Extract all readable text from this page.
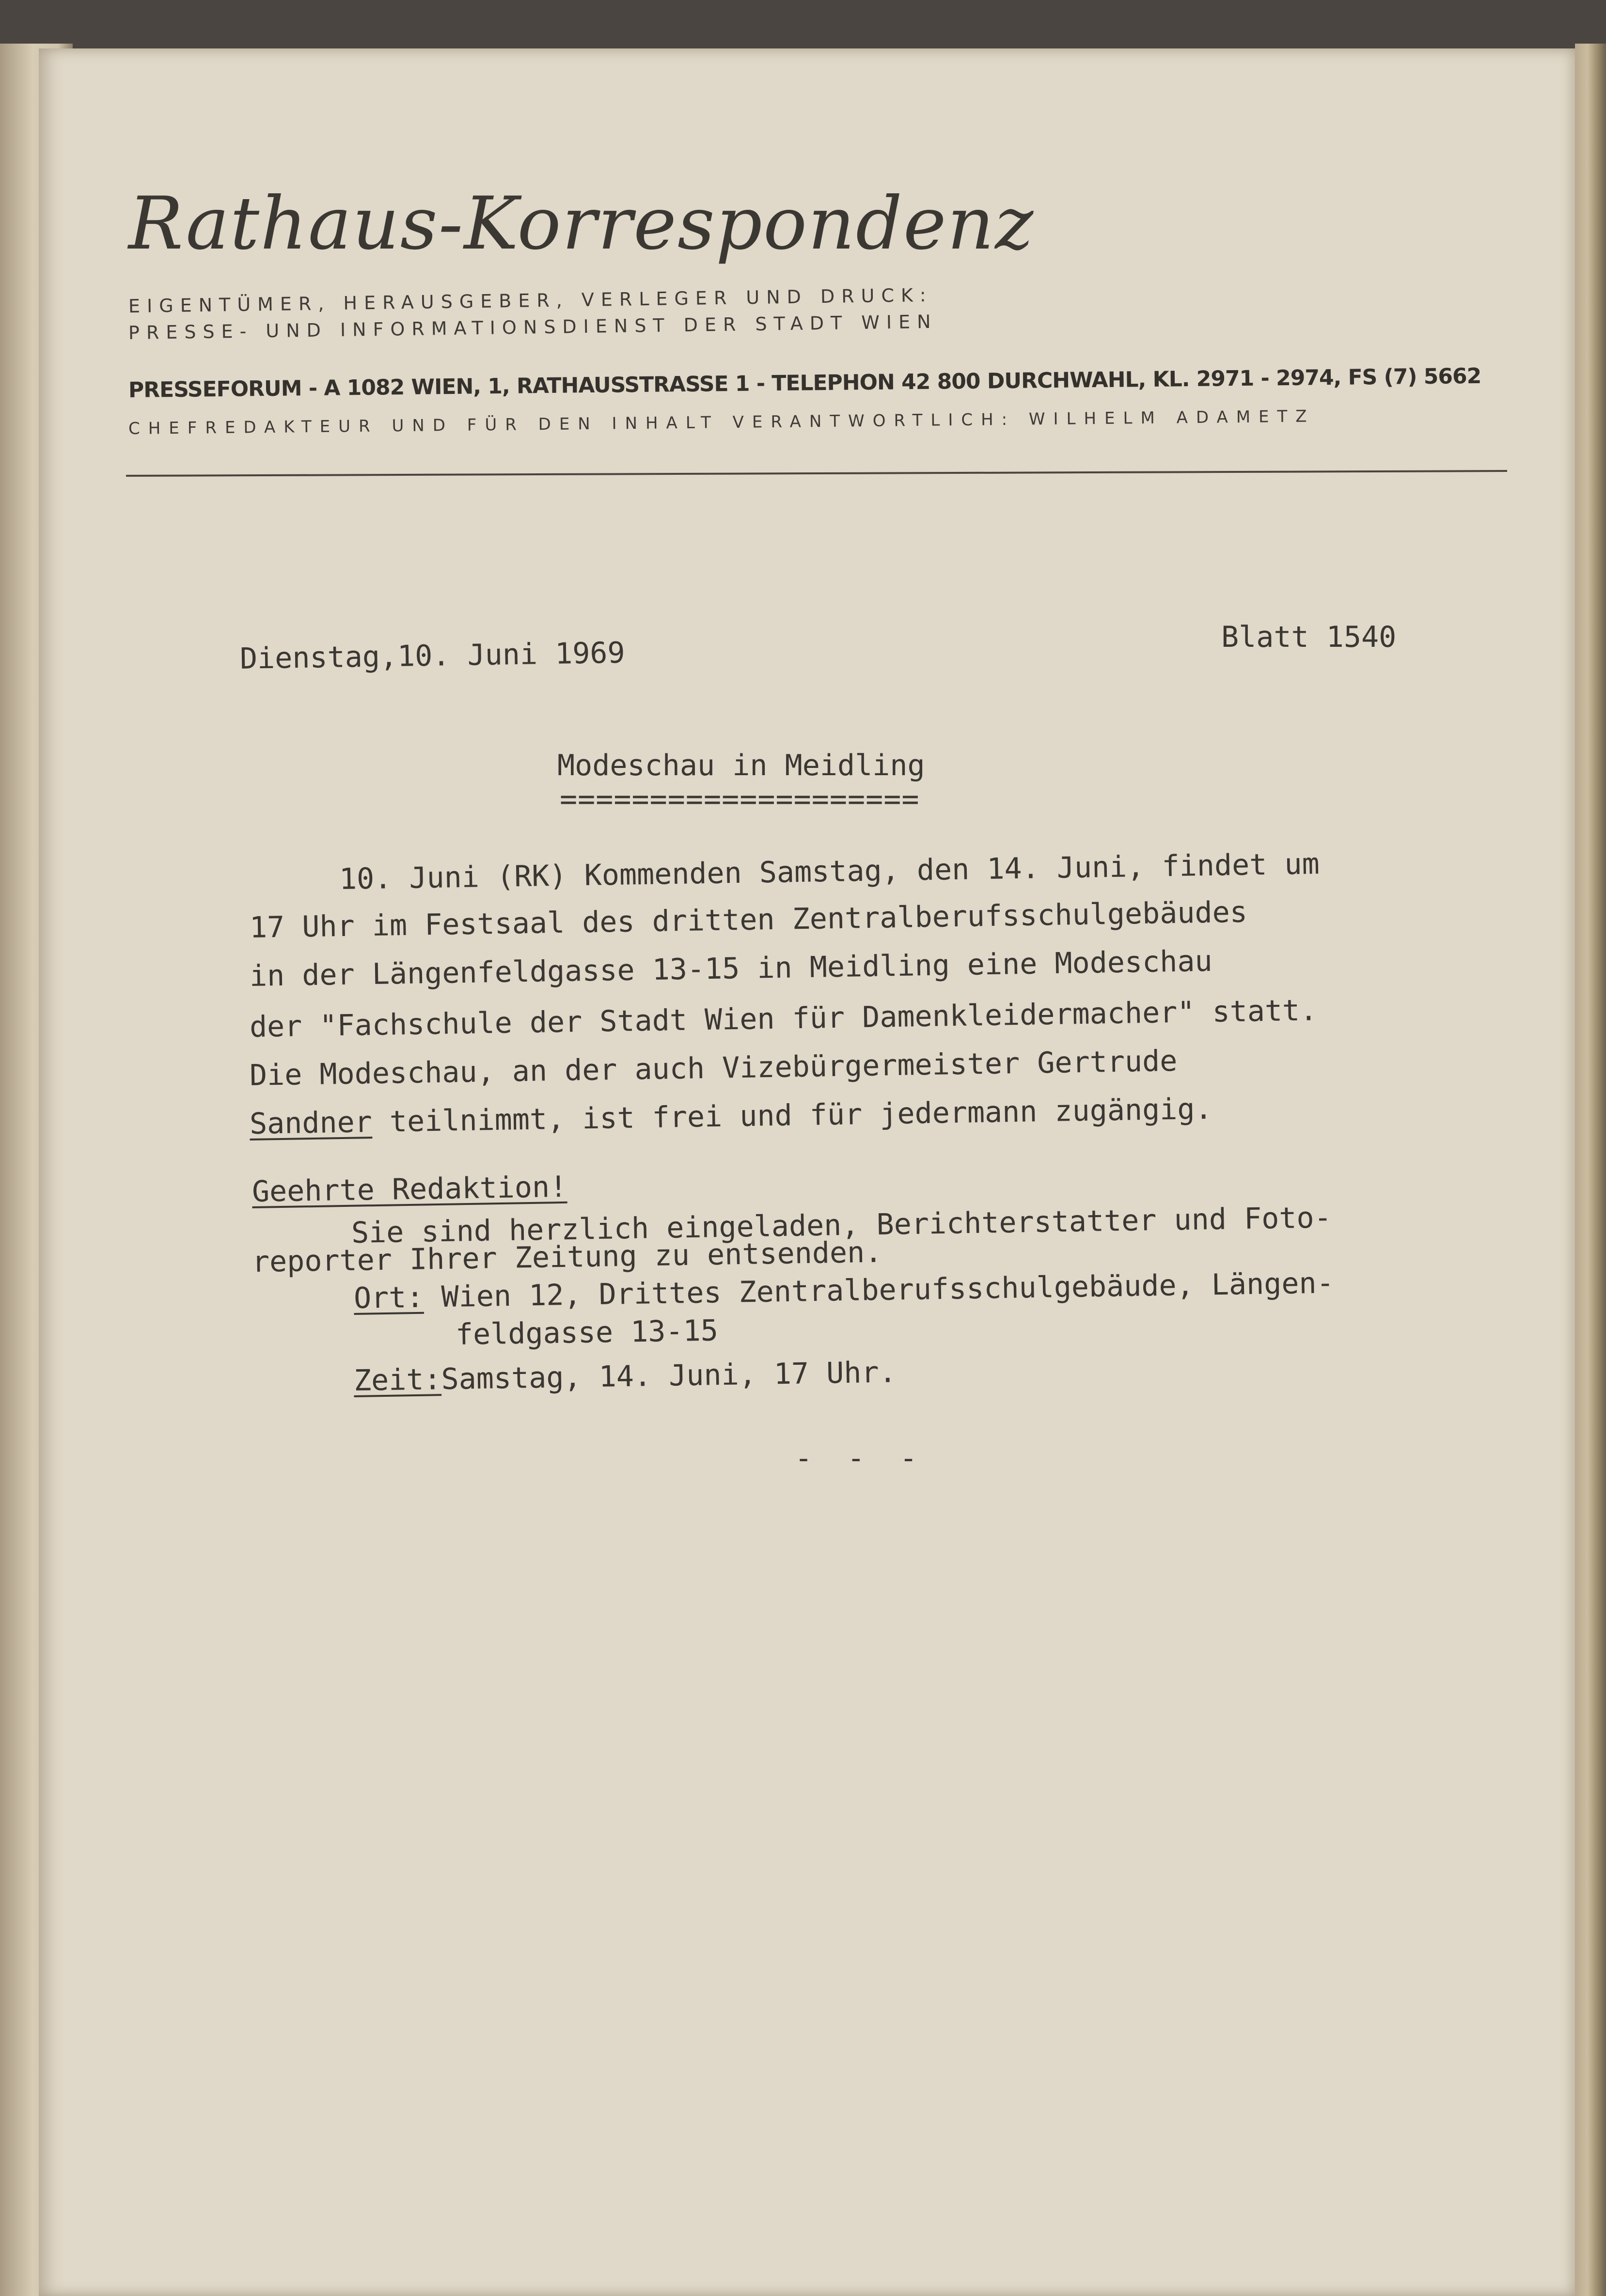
Rathaus-Korrespondenz
EIGENTÜMER, HERAUSGEBER, VERLEGER UND DRUCK:
PRESSE- UND INFORMATIONSDIENST DER STADT WIEN
PRESSEFORUM - A 1082 WIEN, 1, RATHAUSSTRASSE 1 - TELEPHON 42 800 DURCHWAHL, KL. 2971 - 2974, FS (7) 5662
CHEFREDAKTEUR UND FÜR DEN INHALT VERANTWORTLICH: WILHELM ADAMETZ
Dienstag,10. Juni 1969	Blatt 1540
Modeschau in Meidling
====================
10. Juni (RK) Kommenden Samstag, den 14. Juni, findet um
17 Uhr im Festsaal des dritten Zentralberufsschulgebäudes
in der Längenfeldgasse 13-15 in Meidling eine Modeschau
der "Fachschule der Stadt Wien für Damenkleidermacher" statt.
Die Modeschau, an der auch Vizebürgermeister Gertrude
Sandner teilnimmt, ist frei und für jedermann zugängig.
Geehrte Redaktion!
Sie sind herzlich eingeladen, Berichterstatter und Foto-
reporter Ihrer Zeitung zu entsenden.
Ort: Wien 12, Drittes Zentralberufsschulgebäude, Längen-
feldgasse 13-15
Zeit:Samstag, 14. Juni, 17 Uhr.
- - -
